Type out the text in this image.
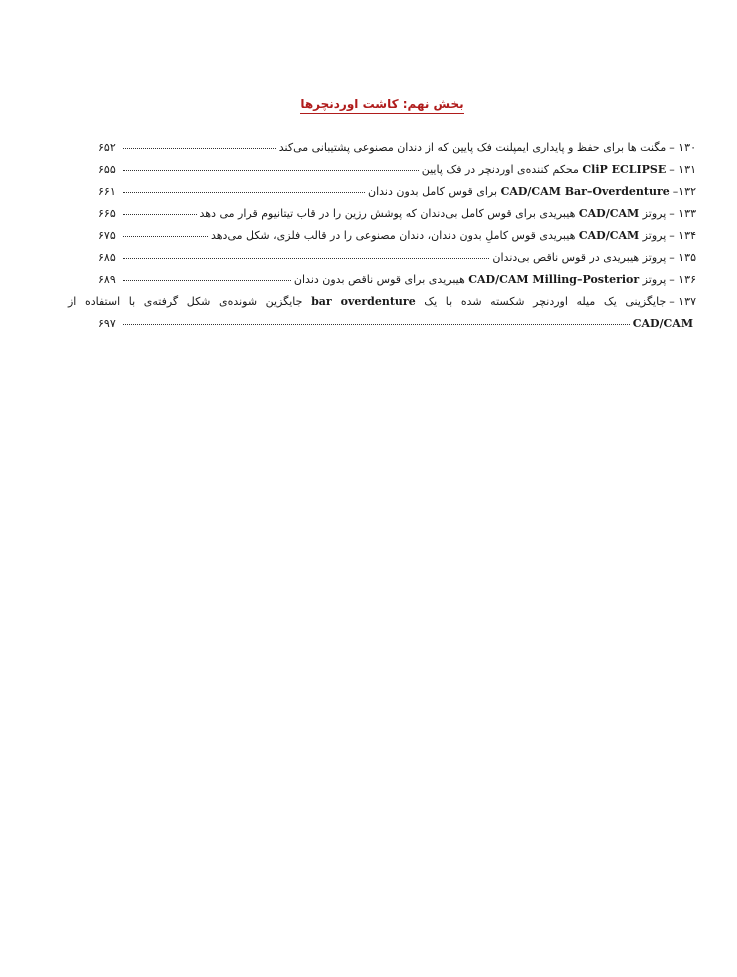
بخش نهم: کاشت اوردنچرها
۱۳۰ –
مگنت ها برای حفظ و پایداری ایمپلنت فک پایین که از دندان مصنوعی پشتیبانی می‌کند
۶۵۲
۱۳۱ –
CliP ECLIPSE محکم کننده‌ی اوردنچر در فک پایین
۶۵۵
۱۳۲–
CAD/CAM Bar–Overdenture برای قوس کامل بدون دندان
۶۶۱
۱۳۳ –
پروتز CAD/CAM هیبریدی برای قوس کامل بی‌دندان که پوشش رزین را در قاب تیتانیوم قرار می دهد
۶۶۵
۱۳۴ –
پروتز CAD/CAM هیبریدی قوس کاملِ بدون دندان، دندان مصنوعی را در قالب فلزی، شکل می‌دهد
۶۷۵
۱۳۵ –
پروتز هیبریدی در قوس ناقص بی‌دندان
۶۸۵
۱۳۶ –
پروتز CAD/CAM Milling–Posterior هیبریدی برای قوس ناقص بدون دندان
۶۸۹
۱۳۷ –
جایگزینی یک میله اوردنچر شکسته شده با یک bar overdenture جایگزین شونده‌ی شکل گرفته‌ی با استفاده از
CAD/CAM
۶۹۷
